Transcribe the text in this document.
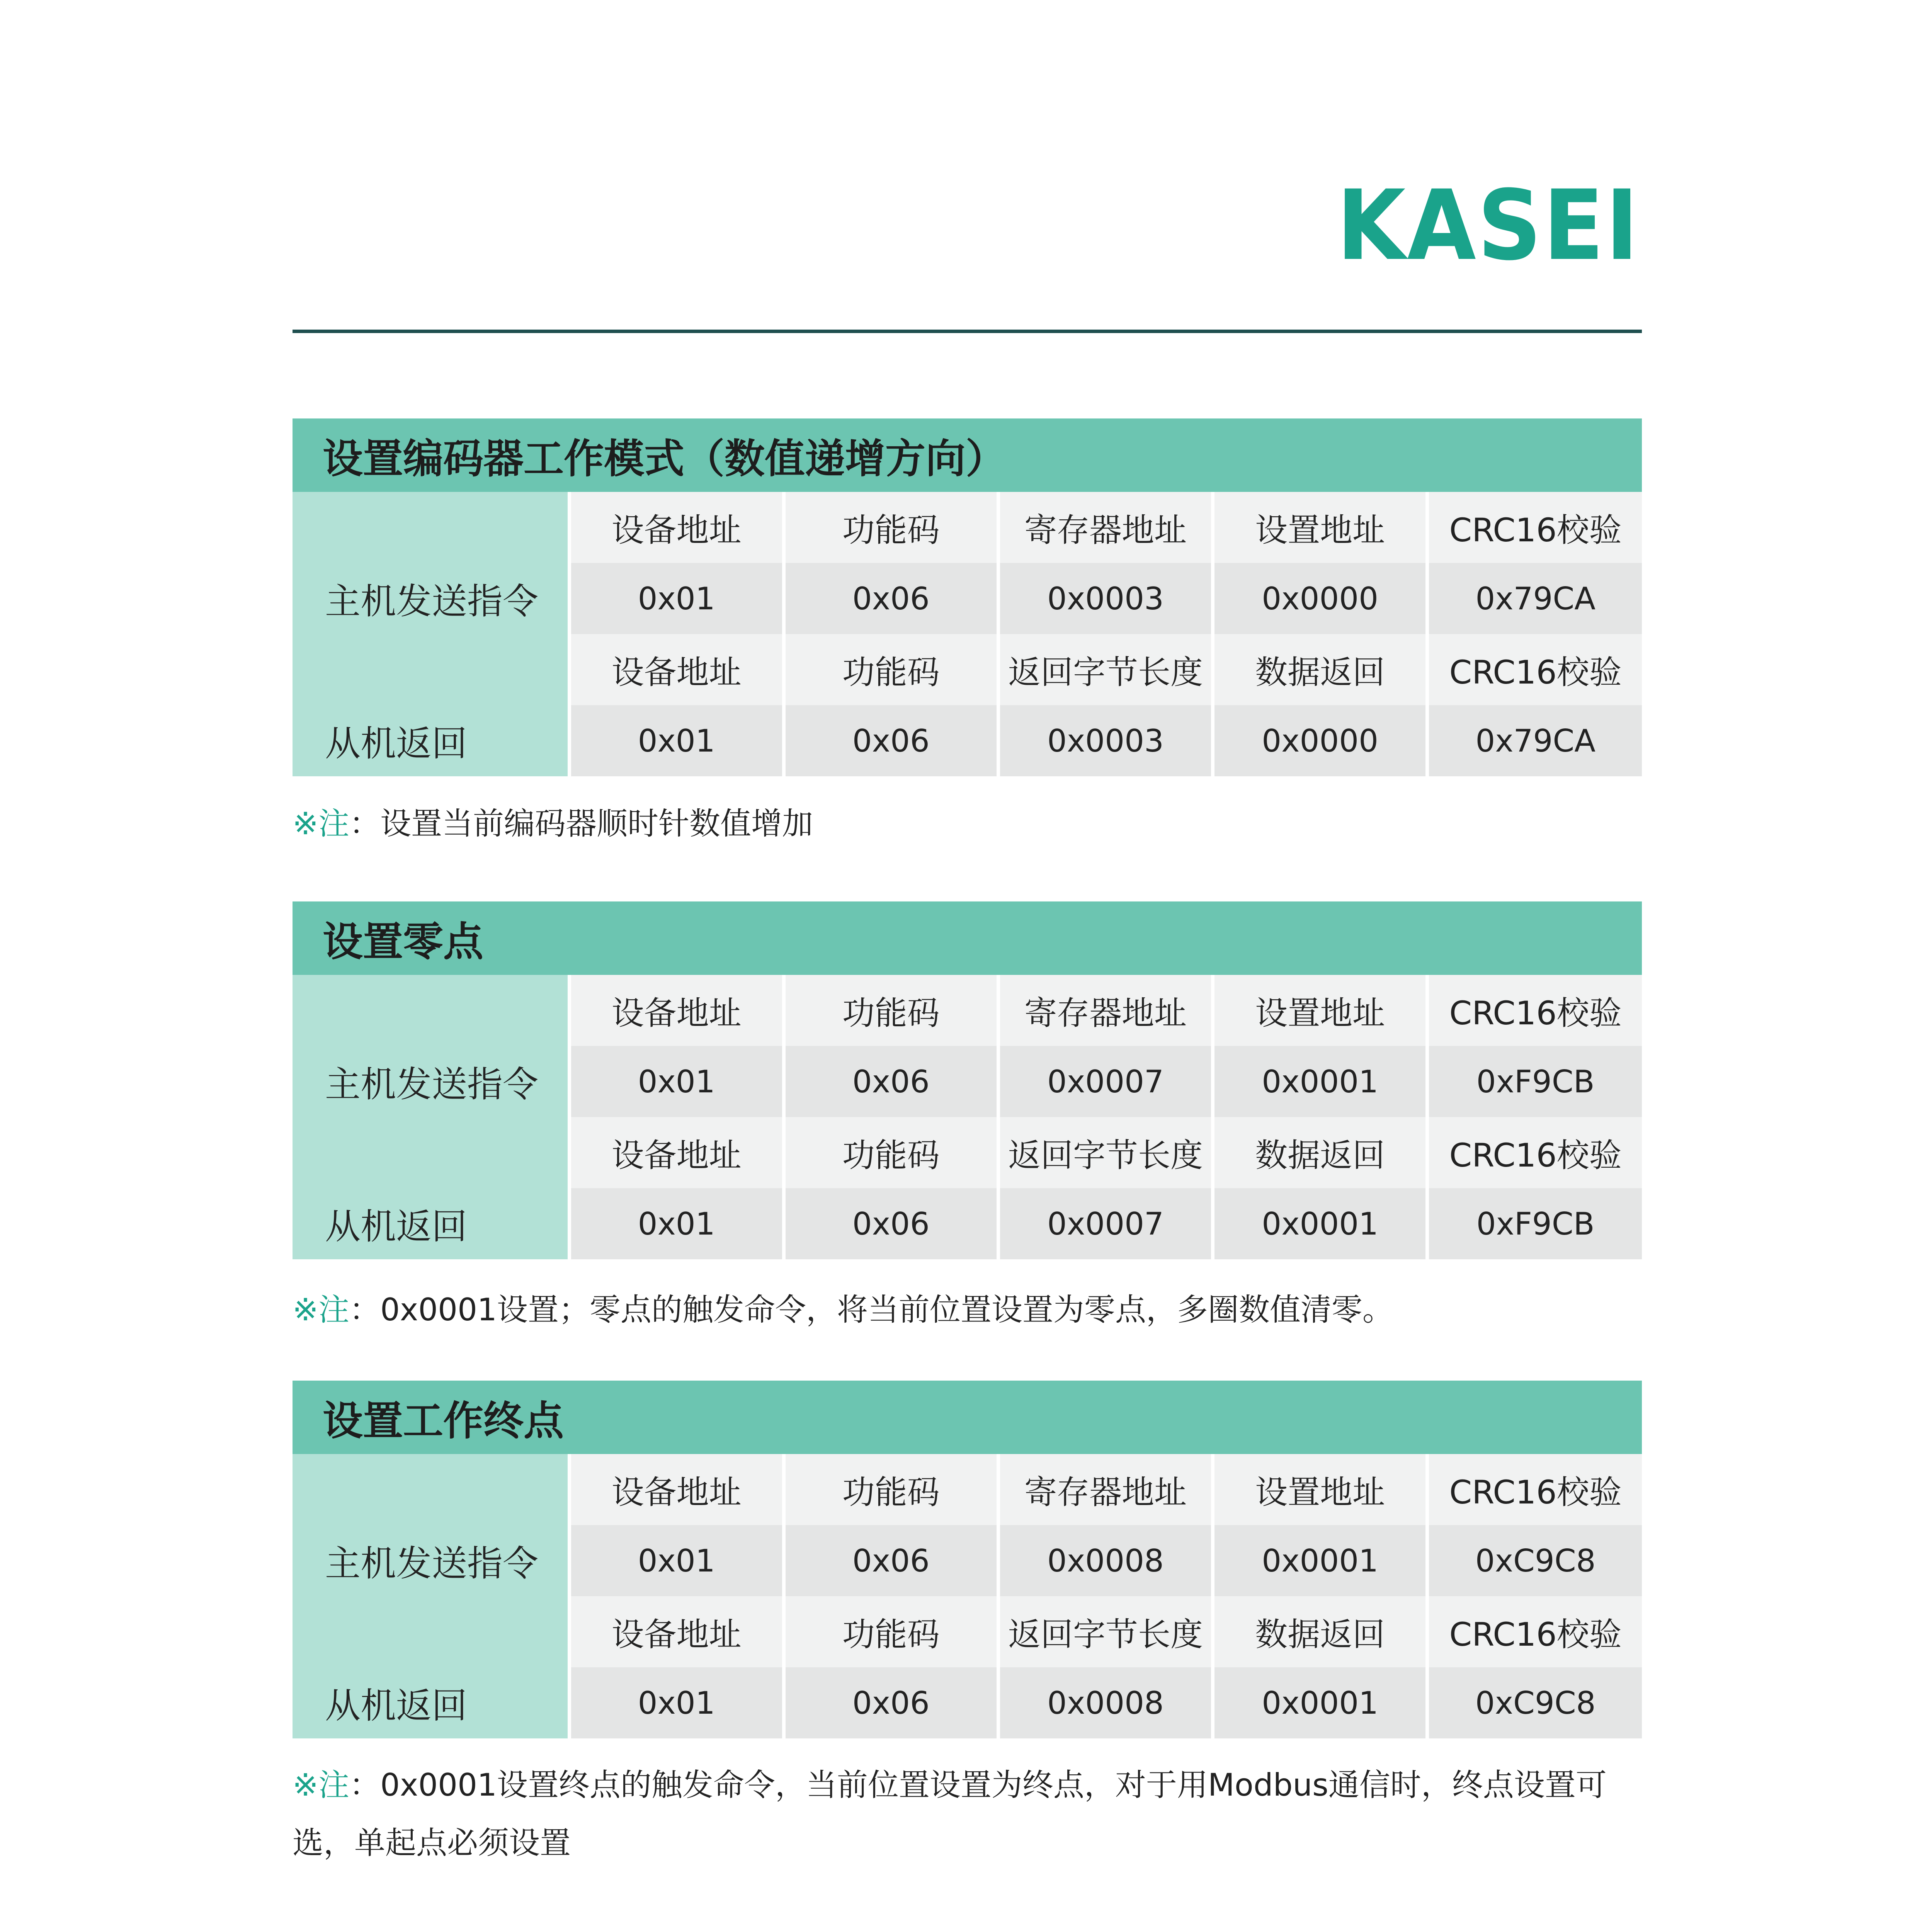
KASEI
设置编码器工作模式（数值递增方向）
	设备地址	功能码	寄存器地址	设置地址	CRC16校验
主机发送指令	0x01	0x06	0x0003	0x0000	0x79CA
	设备地址	功能码	返回字节长度	数据返回	CRC16校验
从机返回	0x01	0x06	0x0003	0x0000	0x79CA
※注：设置当前编码器顺时针数值增加
设置零点
	设备地址	功能码	寄存器地址	设置地址	CRC16校验
主机发送指令	0x01	0x06	0x0007	0x0001	0xF9CB
	设备地址	功能码	返回字节长度	数据返回	CRC16校验
从机返回	0x01	0x06	0x0007	0x0001	0xF9CB
※注：0x0001设置；零点的触发命令，将当前位置设置为零点，多圈数值清零。
设置工作终点
	设备地址	功能码	寄存器地址	设置地址	CRC16校验
主机发送指令	0x01	0x06	0x0008	0x0001	0xC9C8
	设备地址	功能码	返回字节长度	数据返回	CRC16校验
从机返回	0x01	0x06	0x0008	0x0001	0xC9C8
※注：0x0001设置终点的触发命令，当前位置设置为终点，对于用Modbus通信时，终点设置可选，单起点必须设置
